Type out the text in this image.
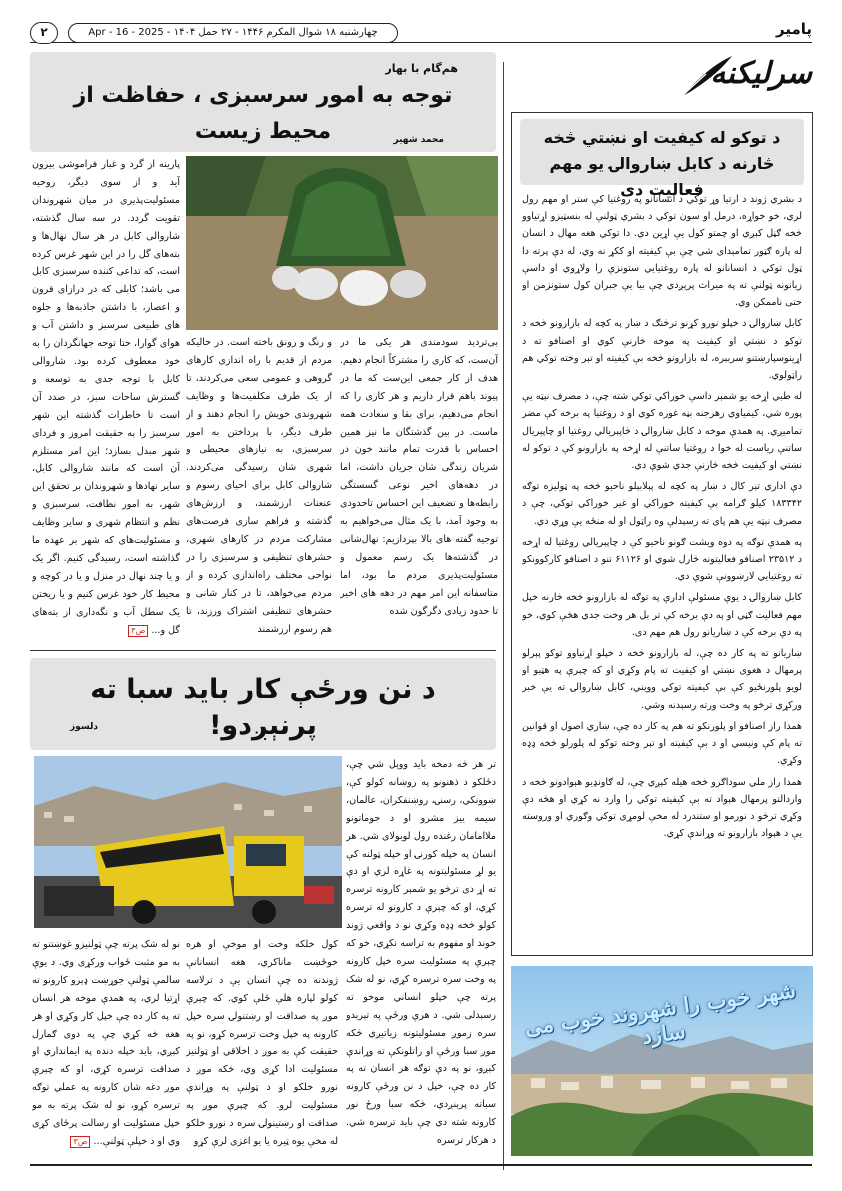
۲	چهارشنبه ۱۸ شوال المکرم ۱۴۴۶ - ۲۷ حمل ۱۴۰۴ - Apr - 16 - 2025	پامیر
سرلیکنه
د توکو له کیفیت او نښتي څخه څارنه د کابل ښاروالۍ یو مهم فعالیت دی

د بشري ژوند د ارتیا وړ توکي د انسانانو په روغتیا کې ستر او مهم رول لري، خو خواړه، درمل او سون توکي د بشري ټولنې له بنسټیزو اړتیاوو څخه ګڼل کېږي او چمتو کول یې اړین دي. دا توکي هغه مهال د انسان له پاره ګټور تمامېدای شي چې بې کیفیته او ککړ نه وي، له دې پرته دا ټول توکي د انسانانو له پاره روغتیایي ستونزې را ولاړوي او داسې زیانونه ټولنې ته په میراث پرېږدي چې بیا یې جبران کول ستونزمن او حتی ناممکن وي.

کابل ښاروالۍ د خپلو نورو کړنو ترڅنګ د ښار په کچه له بازارونو څخه د توکو د نښتي او کیفیت په موخه څارنې کوي او اصنافو ته د اړینوسپارښتنو سربېره، له بازارونو څخه بې کیفیته او تېر وخته توکي هم راټولوي.

له طبي اړخه یو شمېر داسې خوراکي توکي شته چې، د مصرف نېټه یې پوره شي، کیمیاوي زهرجنه بڼه غوره کوي او د روغتیا په برخه کې مضر تمامیږي. په همدې موخه د کابل ښاروالۍ د څاپېریالي روغتیا او چاپېریال ساتنې ریاست له خوا د روغتیا ساتنې له اړخه په بازارونو کې د توکو له نښتي او کیفیت څخه څارنې جدي شوې دي.

دې اداري تېر کال د ښار په کچه له پېلابېلو ناحیو څخه په ټولیزه توګه ۱۸۳۳۴۲ کیلو ګرامه بې کیفیته خوراکي او غیر خوراکي توکي، چې د مصرف نېټه یې هم پای ته رسېدلې وه راټول او له منځه یې وړي دي.

په همدې توګه په دوه ویشت ګونو ناحیو کې د چاپېریالي روغتیا له اړخه د ۲۳۵۱۲ اصنافو فعالیتونه څارل شوي او ۶۱۱۲۶ تنو د اصنافو کارکوونکو ته روغتیایي لارښوونې شوې دي.

کابل ښاروالۍ د یوې مسئولې ادارې په توګه له بازارونو څخه څارنه خپل مهم فعالیت ګڼي او په دې برخه کې تر بل هر وخت جدي هڅې کوي، خو په دې برخه کې د ښاریانو رول هم مهم دی.

ښاریانو ته په کار ده چې، له بازارونو څخه د خپلو اړتیاوو توکو پېرلو پرمهال د هغوی نښتي او کیفیت ته پام وکړي او که چېرې په هټیو او لویو پلورنځیو کې بې کیفیته توکي وویني، کابل ښاروالۍ ته یې خبر ورکړي ترڅو په وخت ورته رسېدنه وشي.

همدا راز اصنافو او پلورنکو ته هم په کار ده چې، ښاري اصول او قوانین ته پام کې ونیسي او د بې کیفیته او تېر وخته توکو له پلورلو څخه ډډه وکړي.

همدا راز ملي سوداګرو څخه هیله کېږي چې، له ګاونډیو هېوادونو څخه د واردالتو پرمهال هېواد ته بې کیفیته توکي را وارد نه کړي او هڅه دې وکړي ترڅو د نورمو او ستندرد له مخې لومړی توکي وګوري او وروسته یې د هېواد بازارونو ته وړاندې کړي.

شهر خوب را شهروند خوب می سازد
هم‌گام با بهار
توجه به امور سرسبزی ، حفاظت از محیط زیست	محمد شهیر

بی‌تردید سودمندی هر یکی ما در آن‌ست، که کاری را مشترکاً انجام دهیم. هدف از کار جمعی این‌ست که ما در پیوند باهم قرار داریم و هر کاری را که انجام می‌دهیم، برای بقا و سعادت همه ماست. در بین گذشتگان ما نیز همین احساس با قدرت تمام مانند خون در شریان زندگی شان جریان داشت، اما در دهه‌های اخیر نوعی گسستگی رابطه‌ها و تضعیف این احساس تاحدودی به وجود آمد، با یک مثال می‌خواهیم به توجیه گفته های بالا بپردازیم: نهال‌شانی در گذشته‌ها یک رسم معمول و مسئولیت‌پذیری مردم ما بود، اما متاسفانه این امر مهم در دهه های اخیر تا حدود زیادی دگرگون شده

و رنگ و رونق باخته است. در حالیکه مردم از قدیم با راه اندازی کارهای گروهی و عمومی سعی می‌کردند، تا از یک طرف مکلفیت‌ها و وظایف شهروندی خویش را انجام دهند و از طرف دیگر، با پرداختن به امور سرسبزی، به نیازهای محیطی و شهری شان رسیدگی می‌کردند. شاروالی کابل برای احیای رسوم و عنعنات ارزشمند، و ارزش‌های گذشته و فراهم سازی فرصت‌های مشارکت مردم در کارهای شهری، حشرهای تنظیفی و سرسبزی را در نواحی مختلف راه‌اندازی کرده و از مردم می‌خواهد، تا در کنار شانی و حشرهای تنظیفی اشتراک ورزند، تا هم رسوم ارزشمند

پارینه از گرد و غبار فراموشی بیرون آید و از سوی دیگر، روحیه مسئولیت‌پذیری در میان شهروندان تقویت گردد. در سه سال گذشته، شاروالی کابل در هر سال نهال‌ها و بته‌های گل را در این شهر غرس کرده است، که تداعی کننده سرسبزی کابل می باشد؛ کابلی که در درازای قرون و اعصار، با داشتن جاذبه‌ها و جلوه های طبیعی سرسبز و داشتن آب و هوای گوارا، حتا توجه جهانگردان را به خود معطوف کرده بود. شاروالی کابل با توجه جدی به توسعه و گسترش ساحات سبز، در صدد آن است تا خاطرات گذشته این شهر سرسبز را به حقیقت امروز و فردای شهر مبدل بسازد؛ این امر مستلزم آن است که مانند شاروالی کابل، سایر نهادها و شهروندان بر تحقق این شهر، به امور نظافت، سرسبزی و نظم و انتظام شهری و سایر وظایف و مسئولیت‌های که شهر بر عهده ما گذاشته است، رسیدگی کنیم. اگر یک و یا چند نهال در منزل و یا در کوچه و محیط کار خود غرس کنیم و یا ریختن یک سطل آب و نگه‌داری از بته‌های گل و... ص۳

د نن ورځې کار باید سبا ته پرنېږدو!
دلسوز

تر هر څه دمخه باید ووېل شي چې، دځلکو د ذهنونو په روښانه کولو کې، ښوونکي، رسنۍ، روښنفکران، عالمان، سیمه ییز مشرو او د جوماتونو ملاامامان رغنده رول لوبولای شي. هر انسان په خپله کورنۍ او خپله ټولنه کې یو لړ مسئولیتونه په غاړه لري او دې ته اړ دی ترڅو یو شمېر کارونه ترسره کړي، او که چېرې د کارونو له ترسره کولو څخه ډډه وکړي نو د واقعي ژوند خوند او مفهوم به تراسه نکړي، خو که چېرې په مسئولیت سره خپل کارونه په وخت سره ترسره کړي، نو له شک پرته چې خپلو انساني موخو ته رسېدلی شي. د هرې ورځې په تېرېدو سره زموږ مسئولیتونه زیاتیږي څکه موږ سبا ورځې او راتلونکې ته وړاندې کېږو، نو په دې توګه هر انسان ته په کار ده چې، خپل د نن ورځې کارونه سباته پرېنږدي، څکه سبا ورځ نور کارونه شته دي چې باید ترسره شي. د هرکار ترسره

کول خلکه وخت او موخې او هره خوځښت ماناکري، هغه انسانانې ژوندنه ده چې انسان یې د ترلاسه کولو لپاره هلې ځلې کوي. که چېرې موږ په صداقت او رښتنولۍ سره خپل کارونه په خپل وخت ترسره کړو، نو په حقیقت کې به موږ د اخلاقي او ټولنیز مسئولیت ادا کړی وي، څکه موږ د نورو خلکو او د ټولنې په وړاندې مسئولیت لرو. که چېرې موږ په صداقت او رښتینولۍ سره د نورو خلکو له مخې یوه ټیره یا یو اغزی لرې کړو

نو له شک پرته چې ټولنیزو غوښتنو ته به مو مثبت ځواب ورکړی وي. د یوې سالمې ټولنې جوړښت ډېرو کارونو ته اړتیا لري، په همدې موخه هر انسان ته په کار ده چې خپل کار وکړي او هر هغه څه کړي چې په دوی ګمارل کېږي، باید خپله دنده په ایمانداري او صداقت ترسره کړي، او که چېرې موږ دغه شان کارونه په عملي توګه ترسره کړو، نو له شک پرته به مو خپل مسئولیت او رسالت پرځای کړی وي او د خپلې ټولنې... ص۳
